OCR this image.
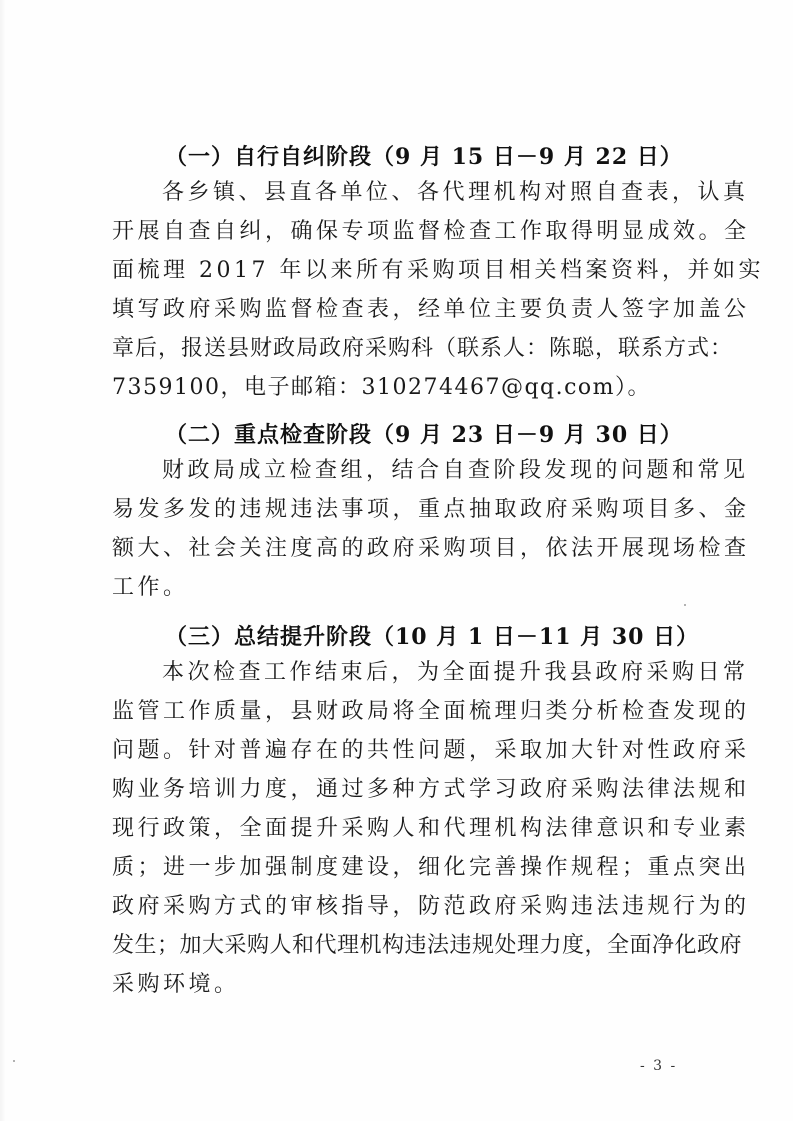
（一）自行自纠阶段（9 月 15 日－9 月 22 日）
各乡镇、县直各单位、各代理机构对照自查表，认真
开展自查自纠，确保专项监督检查工作取得明显成效。全
面梳理 2017 年以来所有采购项目相关档案资料，并如实
填写政府采购监督检查表，经单位主要负责人签字加盖公
章后，报送县财政局政府采购科（联系人：陈聪，联系方式：
7359100，电子邮箱：310274467@qq.com）。
（二）重点检查阶段（9 月 23 日－9 月 30 日）
财政局成立检查组，结合自查阶段发现的问题和常见
易发多发的违规违法事项，重点抽取政府采购项目多、金
额大、社会关注度高的政府采购项目，依法开展现场检查
工作。
（三）总结提升阶段（10 月 1 日－11 月 30 日）
本次检查工作结束后，为全面提升我县政府采购日常
监管工作质量，县财政局将全面梳理归类分析检查发现的
问题。针对普遍存在的共性问题，采取加大针对性政府采
购业务培训力度，通过多种方式学习政府采购法律法规和
现行政策，全面提升采购人和代理机构法律意识和专业素
质；进一步加强制度建设，细化完善操作规程；重点突出
政府采购方式的审核指导，防范政府采购违法违规行为的
发生；加大采购人和代理机构违法违规处理力度，全面净化政府
采购环境。
- 3 -
